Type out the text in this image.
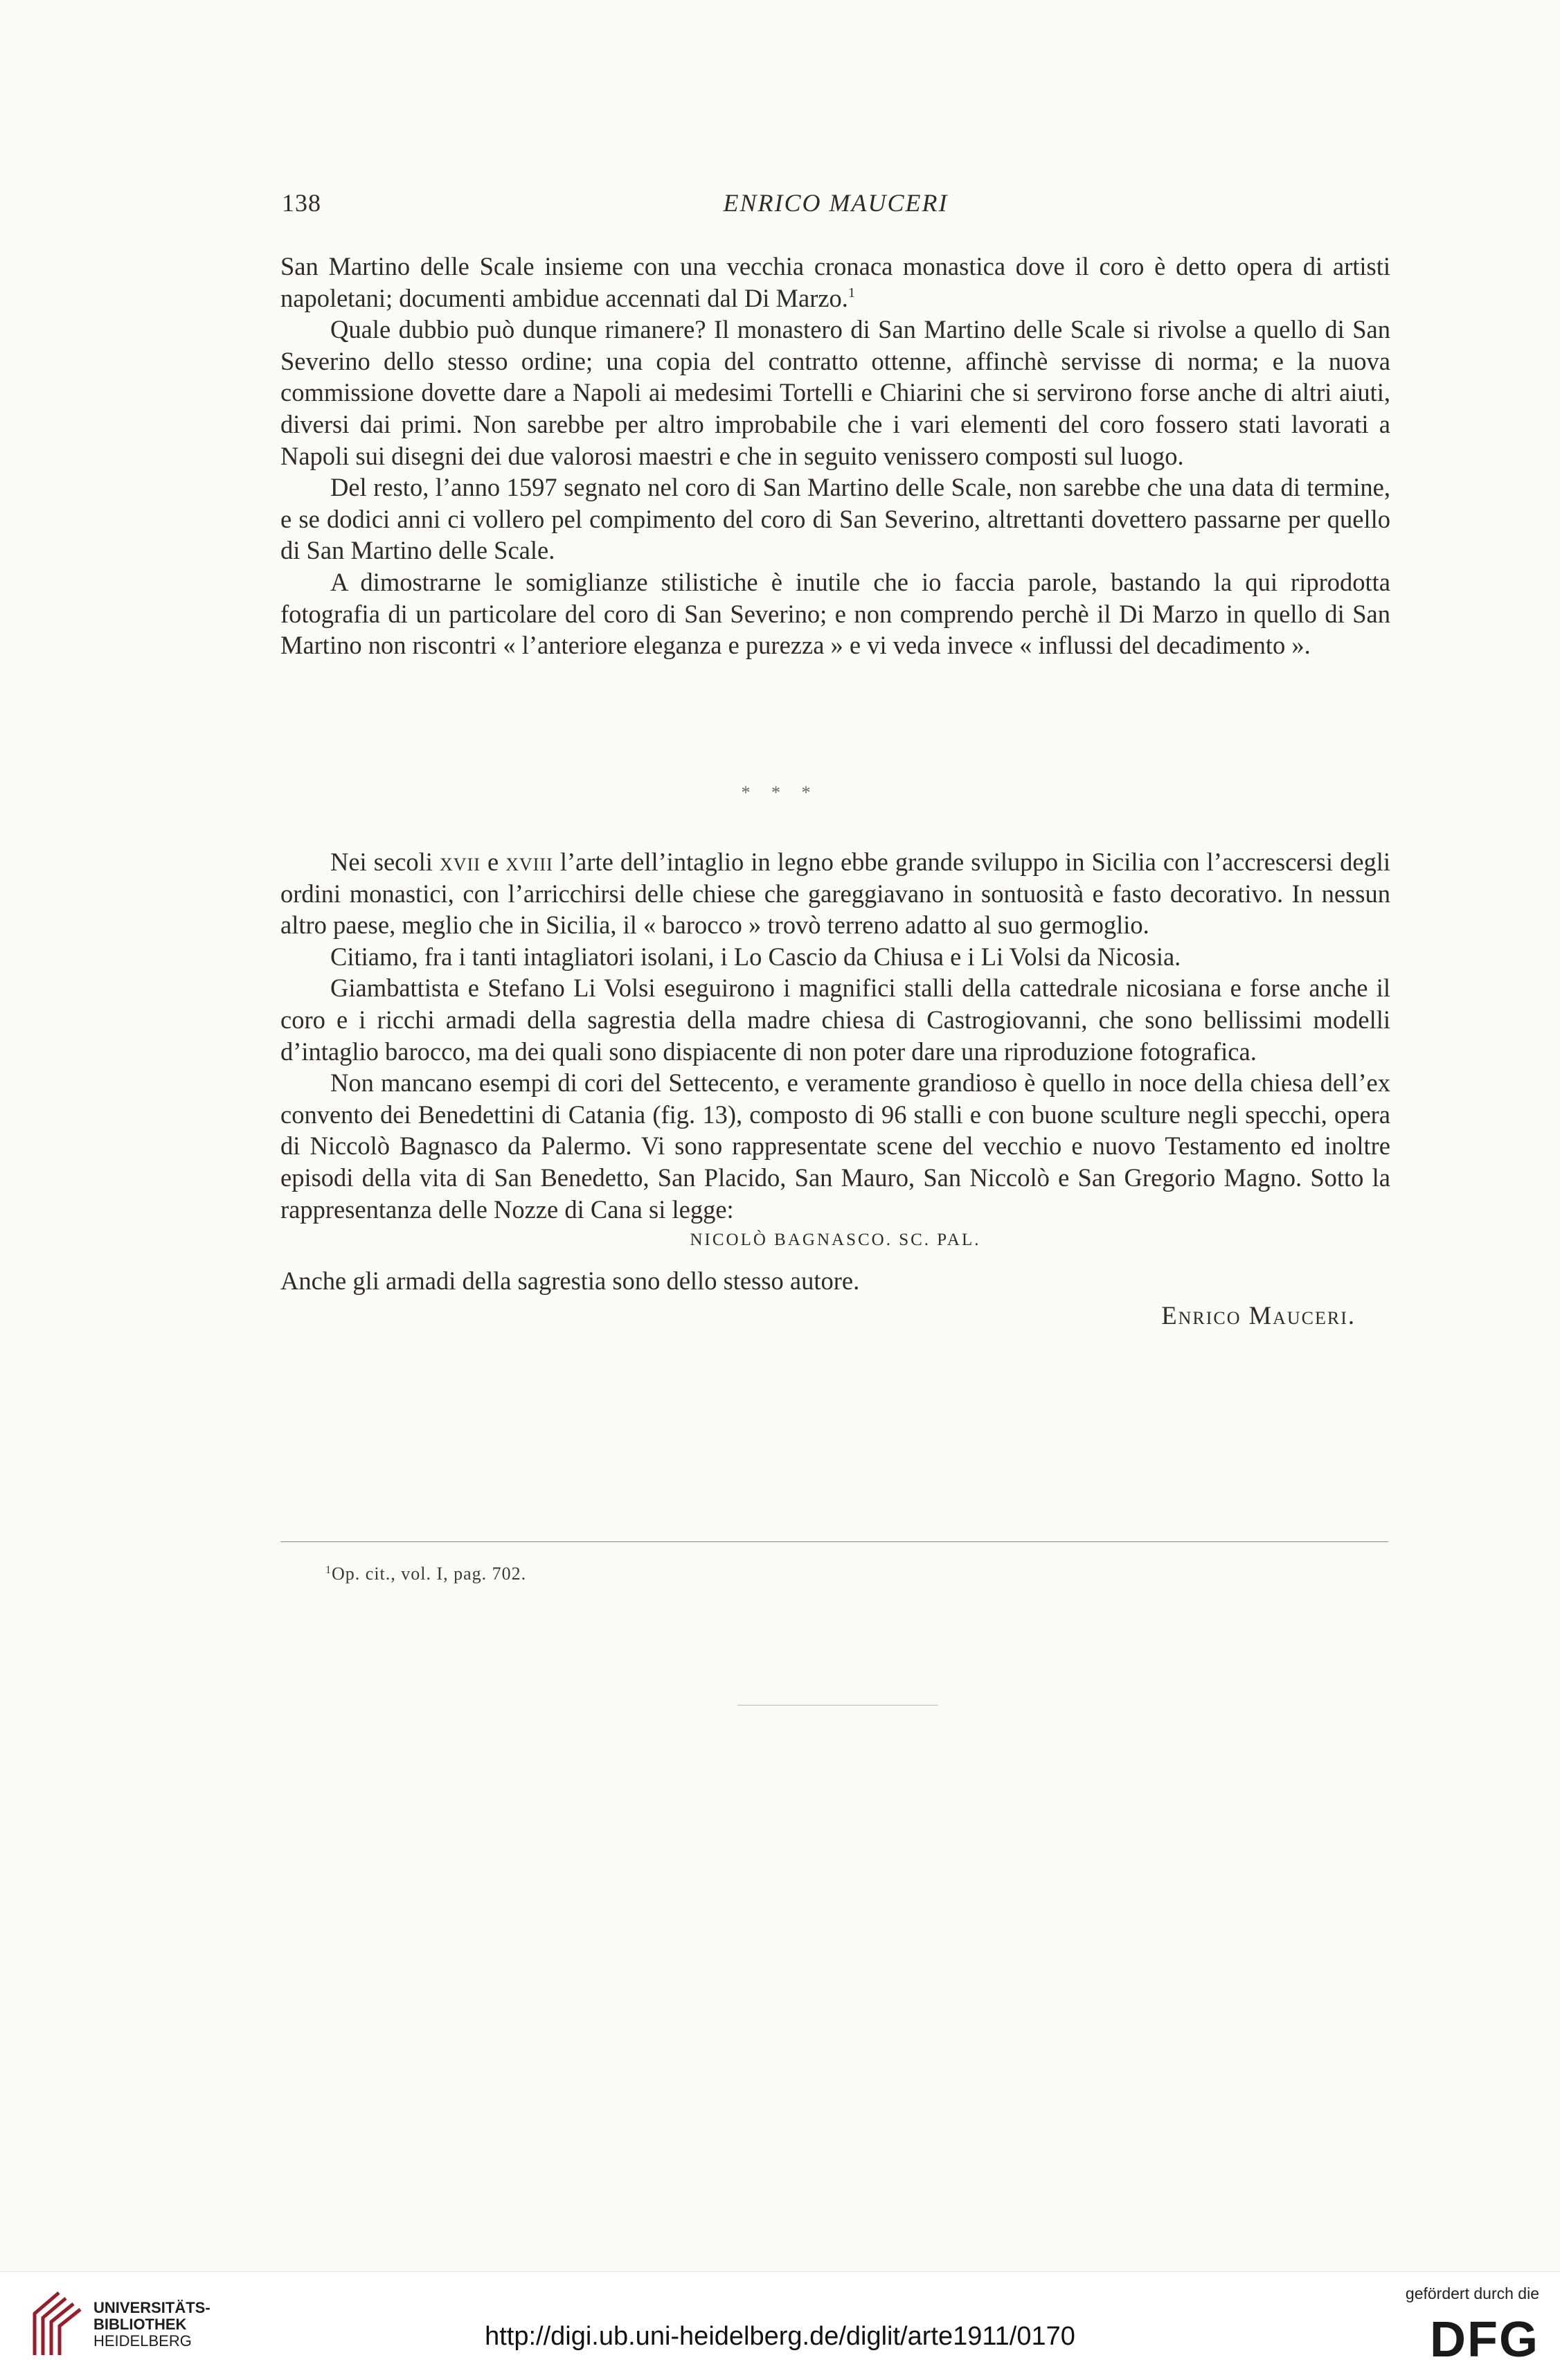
138	ENRICO MAUCERI

San Martino delle Scale insieme con una vecchia cronaca monastica dove il coro è detto opera di artisti napoletani; documenti ambidue accennati dal Di Marzo.$^1$

Quale dubbio può dunque rimanere? Il monastero di San Martino delle Scale si rivolse a quello di San Severino dello stesso ordine; una copia del contratto ottenne, affinchè servisse di norma; e la nuova commissione dovette dare a Napoli ai medesimi Tortelli e Chiarini che si servirono forse anche di altri aiuti, diversi dai primi. Non sarebbe per altro improbabile che i vari elementi del coro fossero stati lavorati a Napoli sui disegni dei due valorosi maestri e che in seguito venissero composti sul luogo.

Del resto, l’anno 1597 segnato nel coro di San Martino delle Scale, non sarebbe che una data di termine, e se dodici anni ci vollero pel compimento del coro di San Severino, altrettanti dovettero passarne per quello di San Martino delle Scale.

A dimostrarne le somiglianze stilistiche è inutile che io faccia parole, bastando la qui riprodotta fotografia di un particolare del coro di San Severino; e non comprendo perchè il Di Marzo in quello di San Martino non riscontri « l’anteriore eleganza e purezza » e vi veda invece « influssi del decadimento ».

* * *

Nei secoli xvii e xviii l’arte dell’intaglio in legno ebbe grande sviluppo in Sicilia con l’accrescersi degli ordini monastici, con l’arricchirsi delle chiese che gareggiavano in sontuosità e fasto decorativo. In nessun altro paese, meglio che in Sicilia, il « barocco » trovò terreno adatto al suo germoglio.

Citiamo, fra i tanti intagliatori isolani, i Lo Cascio da Chiusa e i Li Volsi da Nicosia.

Giambattista e Stefano Li Volsi eseguirono i magnifici stalli della cattedrale nicosiana e forse anche il coro e i ricchi armadi della sagrestia della madre chiesa di Castrogiovanni, che sono bellissimi modelli d’intaglio barocco, ma dei quali sono dispiacente di non poter dare una riproduzione fotografica.

Non mancano esempi di cori del Settecento, e veramente grandioso è quello in noce della chiesa dell’ex convento dei Benedettini di Catania (fig. 13), composto di 96 stalli e con buone sculture negli specchi, opera di Niccolò Bagnasco da Palermo. Vi sono rappresentate scene del vecchio e nuovo Testamento ed inoltre episodi della vita di San Benedetto, San Placido, San Mauro, San Niccolò e San Gregorio Magno. Sotto la rappresentanza delle Nozze di Cana si legge:

NICOLÒ BAGNASCO. SC. PAL.

Anche gli armadi della sagrestia sono dello stesso autore.

Enrico Mauceri.

$^1$Op. cit., vol. I, pag. 702.
UNIVERSITÄTS-
BIBLIOTHEK
HEIDELBERG	http://digi.ub.uni-heidelberg.de/diglit/arte1911/0170
gefördert durch die
DFG
